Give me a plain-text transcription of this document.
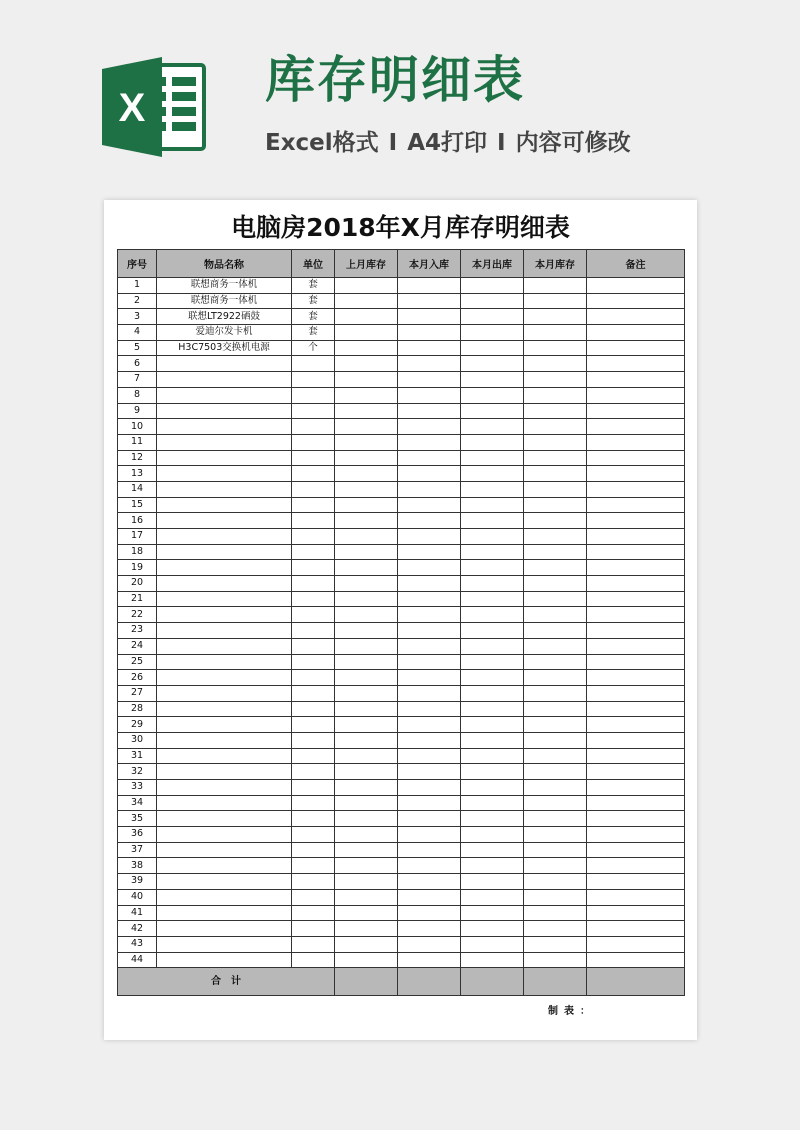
X 库存明细表
Excel格式 I A4打印 I 内容可修改
电脑房2018年X月库存明细表
序号	物品名称	单位	上月库存	本月入库	本月出库	本月库存	备注
1	联想商务一体机	套					
2	联想商务一体机	套					
3	联想LT2922硒鼓	套					
4	爱迪尔发卡机	套					
5	H3C7503交换机电源	个					
6							
7							
8							
9							
10							
11							
12							
13							
14							
15							
16							
17							
18							
19							
20							
21							
22							
23							
24							
25							
26							
27							
28							
29							
30							
31							
32							
33							
34							
35							
36							
37							
38							
39							
40							
41							
42							
43							
44							
合　计							
制表：
